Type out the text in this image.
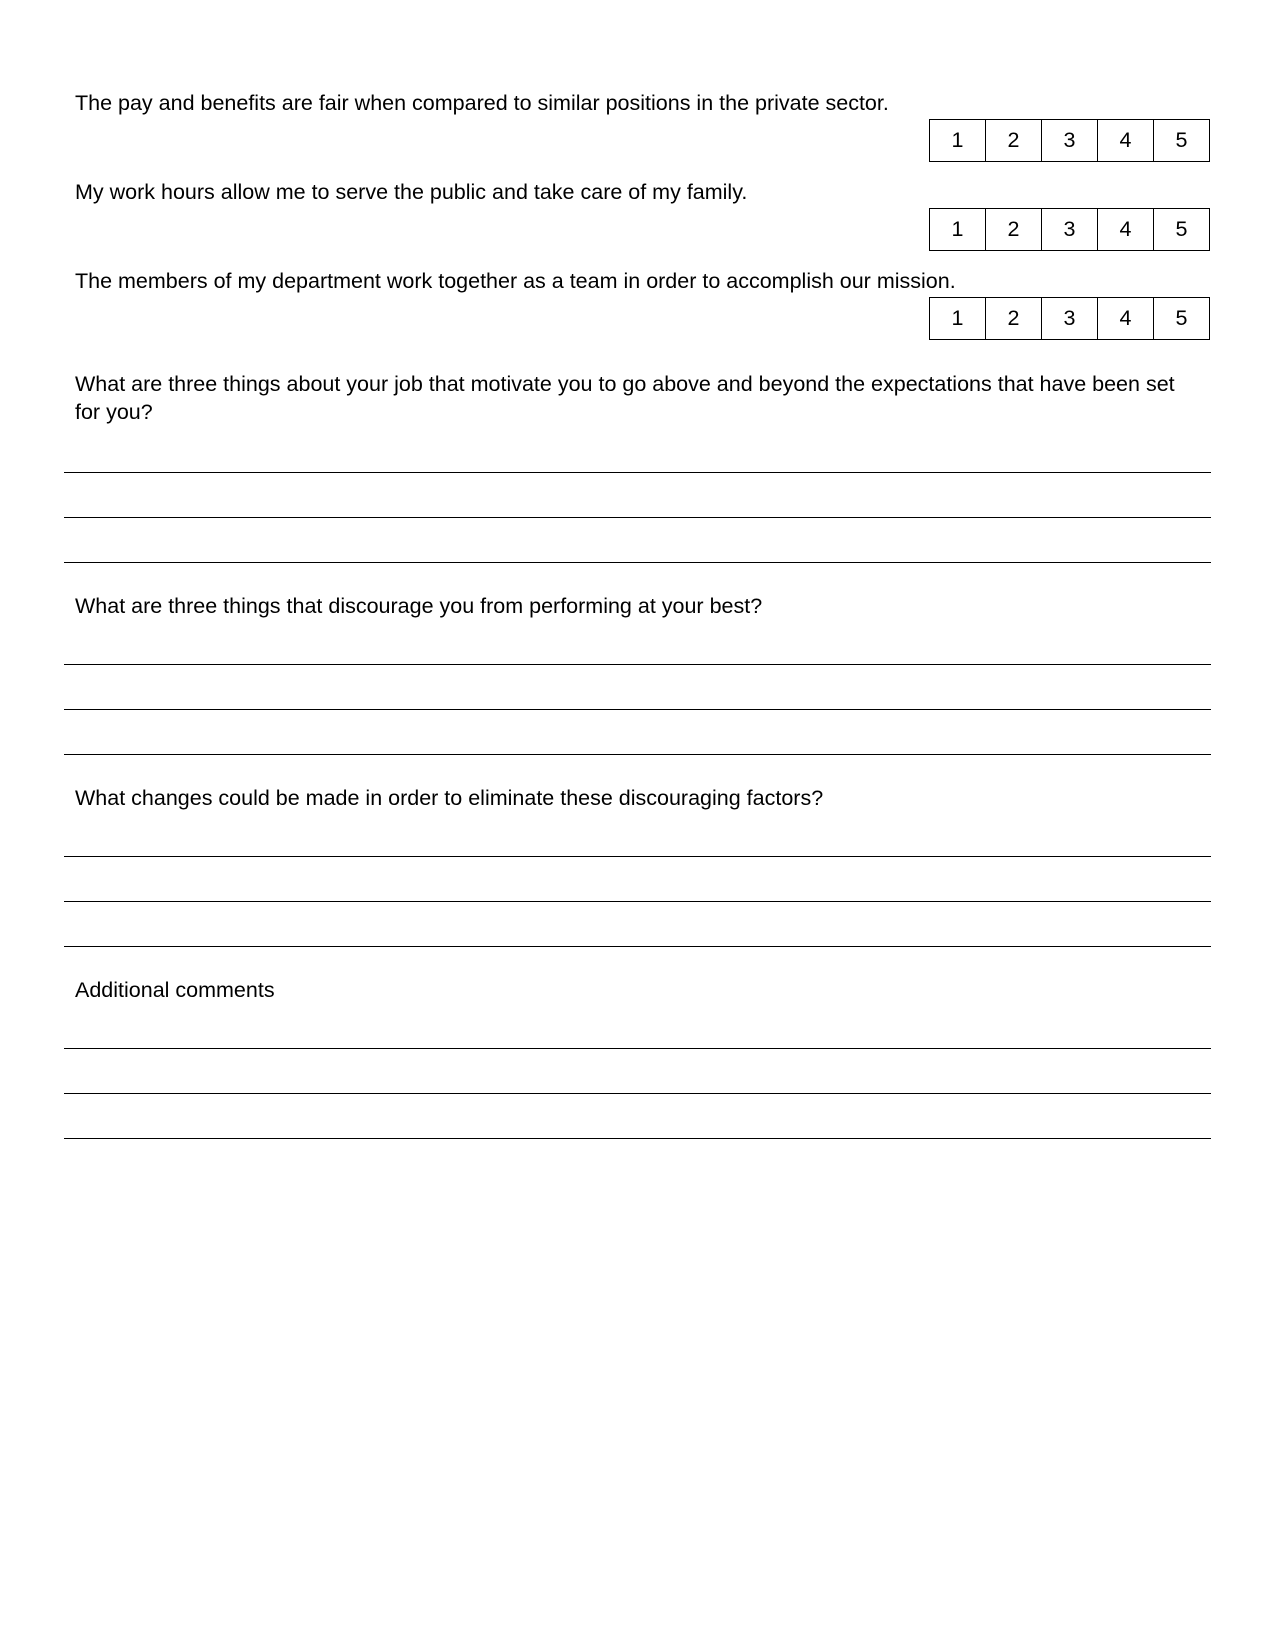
The pay and benefits are fair when compared to similar positions in the private sector.
1	2	3	4	5
My work hours allow me to serve the public and take care of my family.
1	2	3	4	5
The members of my department work together as a team in order to accomplish our mission.
1	2	3	4	5
What are three things about your job that motivate you to go above and beyond the expectations that have been set for you?
What are three things that discourage you from performing at your best?
What changes could be made in order to eliminate these discouraging factors?
Additional comments
